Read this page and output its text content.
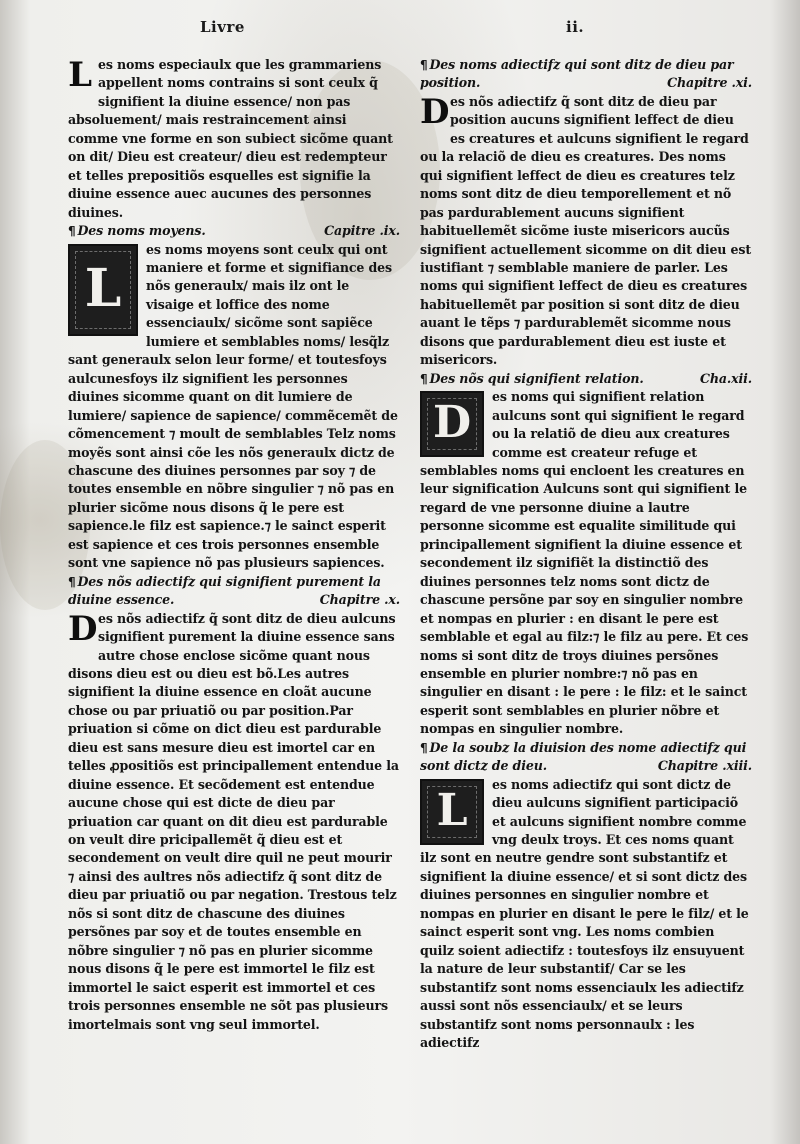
Livre	ii.

Les noms especiaulx que les grammariens appellent noms contrains si sont ceulx q̃ signifient la diuine essence/ non pas absoluement/ mais restraincement ainsi comme vne forme en son subiect sicõme quant on dit/ Dieu est createur/ dieu est redempteur et telles prepositiõs esquelles est signifie la diuine essence auec aucunes des personnes diuines.

¶ Des noms moyens.	Capitre .ix.

L
es noms moyens sont ceulx qui ont maniere et forme et signifiance des nõs generaulx/ mais ilz ont le visaige et loffice des nome essenciaulx/ sicõme sont sapiẽce lumiere et semblables noms/ lesq̃lz sant generaulx selon leur forme/ et toutesfoys aulcunesfoys ilz signifient les personnes diuines sicomme quant on dit lumiere de lumiere/ sapience de sapience/ commẽcemẽt de cõmencement ⁊ moult de semblables Telz noms moyẽs sont ainsi cõe les nõs generaulx dictz de chascune des diuines personnes par soy ⁊ de toutes ensemble en nõbre singulier ⁊ nõ pas en plurier sicõme nous disons q̃ le pere est sapience.le filz est sapience.⁊ le sainct esperit est sapience et ces trois personnes ensemble sont vne sapience nõ pas plusieurs sapiences.

¶ Des nõs adiectifz qui signifient purement la diuine essence.	Chapitre .x.

Des nõs adiectifz q̃ sont ditz de dieu aulcuns signifient purement la diuine essence sans autre chose enclose sicõme quant nous disons dieu est ou dieu est bõ.Les autres signifient la diuine essence en cloãt aucune chose ou par priuatiõ ou par position.Par priuation si cõme on dict dieu est pardurable dieu est sans mesure dieu est imortel car en telles ꝓpositiõs est principallement entendue la diuine essence. Et secõdement est entendue aucune chose qui est dicte de dieu par priuation car quant on dit dieu est pardurable on veult dire pricipallemẽt q̃ dieu est et secondement on veult dire quil ne peut mourir ⁊ ainsi des aultres nõs adiectifz q̃ sont ditz de dieu par priuatiõ ou par negation. Trestous telz nõs si sont ditz de chascune des diuines persõnes par soy et de toutes ensemble en nõbre singulier ⁊ nõ pas en plurier sicomme nous disons q̃ le pere est immortel le filz est immortel le saict esperit est immortel et ces trois personnes ensemble ne sõt pas plusieurs imortelmais sont vng seul immortel.

¶ Des noms adiectifz qui sont ditz de dieu par position.	Chapitre .xi.

Des nõs adiectifz q̃ sont ditz de dieu par position aucuns signifient leffect de dieu es creatures et aulcuns signifient le regard ou la relaciõ de dieu es creatures. Des noms qui signifient leffect de dieu es creatures telz noms sont ditz de dieu temporellement et nõ pas pardurablement aucuns signifient habituellemẽt sicõme iuste misericors aucũs signifient actuellement sicomme on dit dieu est iustifiant ⁊ semblable maniere de parler. Les noms qui signifient leffect de dieu es creatures habituellemẽt par position si sont ditz de dieu auant le tẽps ⁊ pardurablemẽt sicomme nous disons que pardurablement dieu est iuste et misericors.

¶ Des nõs qui signifient relation.	Cha.xii.

D
es noms qui signifient relation aulcuns sont qui signifient le regard ou la relatiõ de dieu aux creatures comme est createur refuge et semblables noms qui encloent les creatures en leur signification Aulcuns sont qui signifient le regard de vne personne diuine a lautre personne sicomme est equalite similitude qui principallement signifient la diuine essence et secondement ilz signifiẽt la distinctiõ des diuines personnes telz noms sont dictz de chascune persõne par soy en singulier nombre et nompas en plurier : en disant le pere est semblable et egal au filz:⁊ le filz au pere. Et ces noms si sont ditz de troys diuines persõnes ensemble en plurier nombre:⁊ nõ pas en singulier en disant : le pere : le filz: et le sainct esperit sont semblables en plurier nõbre et nompas en singulier nombre.

¶ De la soubz la diuision des nome adiectifz qui sont dictz de dieu.	Chapitre .xiii.

L
es noms adiectifz qui sont dictz de dieu aulcuns signifient participaciõ et aulcuns signifient nombre comme vng deulx troys. Et ces noms quant ilz sont en neutre gendre sont substantifz et signifient la diuine essence/ et si sont dictz des diuines personnes en singulier nombre et nompas en plurier en disant le pere le filz/ et le sainct esperit sont vng. Les noms combien quilz soient adiectifz : toutesfoys ilz ensuyuent la nature de leur substantif/ Car se les substantifz sont noms essenciaulx les adiectifz aussi sont nõs essenciaulx/ et se leurs substantifz sont noms personnaulx : les adiectifz
